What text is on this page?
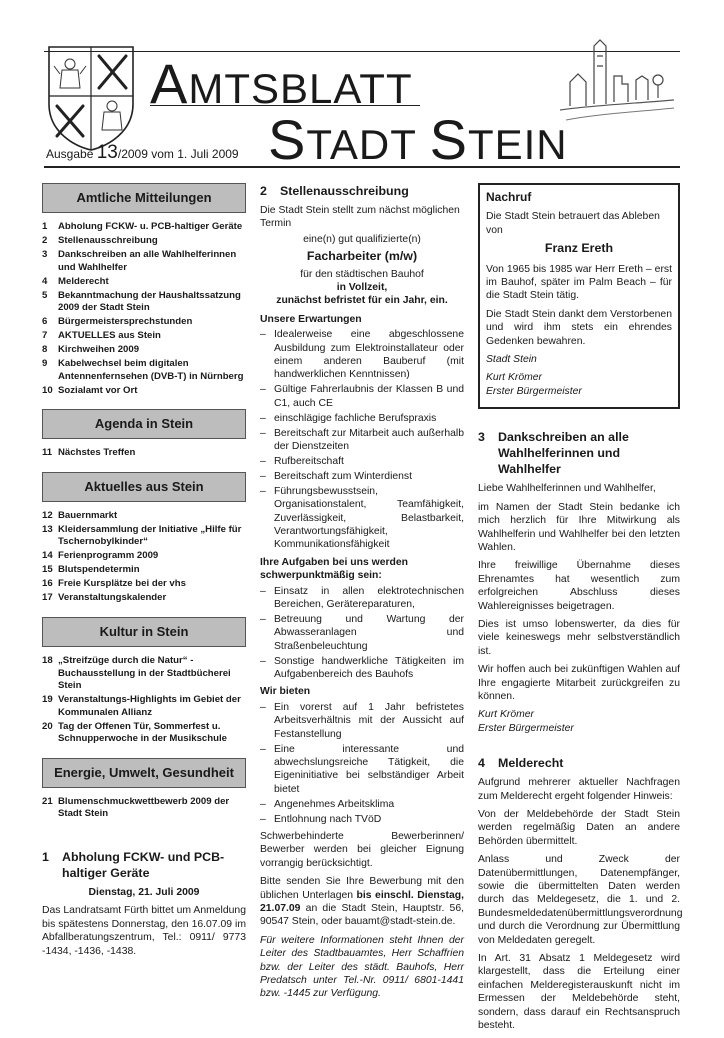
AMTSBLATT
STADT STEIN
Ausgabe 13/2009 vom 1. Juli 2009
Amtliche Mitteilungen
1	Abholung FCKW- u. PCB-haltiger Geräte
2	Stellenausschreibung
3	Dankschreiben an alle Wahlhelferinnen und Wahlhelfer
4	Melderecht
5	Bekanntmachung der Haushaltssatzung 2009 der Stadt Stein
6	Bürgermeistersprechstunden
7	AKTUELLES aus Stein
8	Kirchweihen 2009
9	Kabelwechsel beim digitalen Antennenfernsehen (DVB-T) in Nürnberg
10 Sozialamt vor Ort
Agenda in Stein
11 Nächstes Treffen
Aktuelles aus Stein
12 Bauernmarkt
13 Kleidersammlung der Initiative „Hilfe für Tschernobylkinder“
14 Ferienprogramm 2009
15 Blutspendetermin
16 Freie Kursplätze bei der vhs
17 Veranstaltungskalender
Kultur in Stein
18 „Streifzüge durch die Natur“ - Buchausstellung in der Stadtbücherei Stein
19 Veranstaltungs-Highlights im Gebiet der Kommunalen Allianz
20 Tag der Offenen Tür, Sommerfest u. Schnupperwoche in der Musikschule
Energie, Umwelt, Gesundheit
21 Blumenschmuckwettbewerb 2009 der Stadt Stein
1	Abholung FCKW- und PCB-haltiger Geräte

Dienstag, 21. Juli 2009

Das Landratsamt Fürth bittet um Anmeldung bis spätestens Donnerstag, den 16.07.09 im Abfallberatungszentrum, Tel.: 0911/ 9773 -1434, -1436, -1438.

2	Stellenausschreibung

Die Stadt Stein stellt zum nächst möglichen Termin

eine(n) gut qualifizierte(n)

Facharbeiter (m/w)

für den städtischen Bauhof

in Vollzeit,

zunächst befristet für ein Jahr, ein.

Unsere Erwartungen

– Idealerweise eine abgeschlossene Ausbildung zum Elektroinstallateur oder einem anderen Bauberuf (mit handwerklichen Kenntnissen)
– Gültige Fahrerlaubnis der Klassen B und C1, auch CE
– einschlägige fachliche Berufspraxis
– Bereitschaft zur Mitarbeit auch außerhalb der Dienstzeiten
– Rufbereitschaft
– Bereitschaft zum Winterdienst
– Führungsbewusstsein, Organisationstalent, Teamfähigkeit, Zuverlässigkeit, Belastbarkeit, Verantwortungsfähigkeit, Kommunikationsfähigkeit

Ihre Aufgaben bei uns werden schwerpunktmäßig sein:

– Einsatz in allen elektrotechnischen Bereichen, Gerätereparaturen,
– Betreuung und Wartung der Abwasseranlagen und Straßenbeleuchtung
– Sonstige handwerkliche Tätigkeiten im Aufgabenbereich des Bauhofs

Wir bieten

– Ein vorerst auf 1 Jahr befristetes Arbeitsverhältnis mit der Aussicht auf Festanstellung
– Eine interessante und abwechslungsreiche Tätigkeit, die Eigeninitiative bei selbständiger Arbeit bietet
– Angenehmes Arbeitsklima
– Entlohnung nach TVöD

Schwerbehinderte Bewerberinnen/ Bewerber werden bei gleicher Eignung vorrangig berücksichtigt.

Bitte senden Sie Ihre Bewerbung mit den üblichen Unterlagen bis einschl. Dienstag, 21.07.09 an die Stadt Stein, Hauptstr. 56, 90547 Stein, oder bauamt@stadt-stein.de.

Für weitere Informationen steht Ihnen der Leiter des Stadtbauamtes, Herr Schaffrien bzw. der Leiter des städt. Bauhofs, Herr Predatsch unter Tel.-Nr. 0911/ 6801-1441 bzw. -1445 zur Verfügung.

Nachruf

Die Stadt Stein betrauert das Ableben von

Franz Ereth

Von 1965 bis 1985 war Herr Ereth – erst im Bauhof, später im Palm Beach – für die Stadt Stein tätig.

Die Stadt Stein dankt dem Verstorbenen und wird ihm stets ein ehrendes Gedenken bewahren.

Stadt Stein

Kurt Krömer

Erster Bürgermeister

3	Dankschreiben an alle Wahlhelferinnen und Wahlhelfer

Liebe Wahlhelferinnen und Wahlhelfer,

im Namen der Stadt Stein bedanke ich mich herzlich für Ihre Mitwirkung als Wahlhelferin und Wahlhelfer bei den letzten Wahlen.

Ihre freiwillige Übernahme dieses Ehrenamtes hat wesentlich zum erfolgreichen Abschluss dieses Wahlereignisses beigetragen.

Dies ist umso lobenswerter, da dies für viele keineswegs mehr selbstverständlich ist.

Wir hoffen auch bei zukünftigen Wahlen auf Ihre engagierte Mitarbeit zurückgreifen zu können.

Kurt Krömer

Erster Bürgermeister

4	Melderecht

Aufgrund mehrerer aktueller Nachfragen zum Melderecht ergeht folgender Hinweis:

Von der Meldebehörde der Stadt Stein werden regelmäßig Daten an andere Behörden übermittelt.

Anlass und Zweck der Datenübermittlungen, Datenempfänger, sowie die übermittelten Daten werden durch das Meldegesetz, die 1. und 2. Bundesmeldedatenübermittlungsverordnung und durch die Verordnung zur Übermittlung von Meldedaten geregelt.

In Art. 31 Absatz 1 Meldegesetz wird klargestellt, dass die Erteilung einer einfachen Melderegisterauskunft nicht im Ermessen der Meldebehörde steht, sondern, dass darauf ein Rechtsanspruch besteht.
